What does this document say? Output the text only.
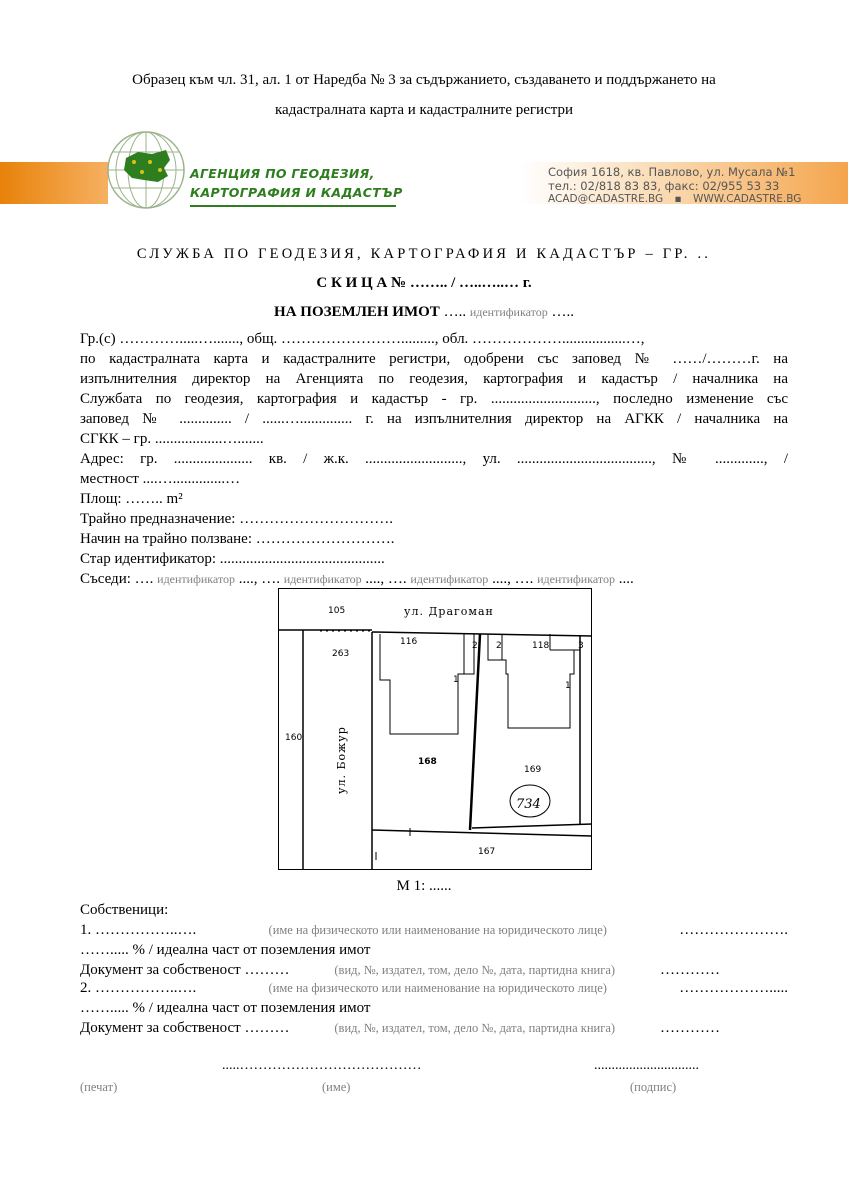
Образец към чл. 31, ал. 1 от Наредба № 3 за съдържанието, създаването и поддържането на
кадастралната карта и кадастралните регистри
АГЕНЦИЯ ПО ГЕОДЕЗИЯ,
КАРТОГРАФИЯ И КАДАСТЪР
София 1618, кв. Павлово, ул. Мусала №1
тел.: 02/818 83 83, факс: 02/955 53 33
ACAD@CADASTRE.BG ▪ WWW.CADASTRE.BG
СЛУЖБА ПО ГЕОДЕЗИЯ, КАРТОГРАФИЯ И КАДАСТЪР – ГР. ..
С К И Ц А № …….. / …..…..… г.
НА ПОЗЕМЛЕН ИМОТ ….. идентификатор …..
Гр.(с) ………….....…......., общ. ……………………........., обл. ……………….................…,
по кадастралната карта и кадастралните регистри, одобрени със заповед № ……/………г. на
изпълнителния директор на Агенцията по геодезия, картография и кадастър / началника на
Службата по геодезия, картография и кадастър - гр. ............................, последно изменение със
заповед № .............. / ......….............. г. на изпълнителния директор на АГКК / началника на
СГКК – гр. ..................….......
Адрес: гр. ..................... кв. / ж.к. .........................., ул. ...................................., № ............., /
местност ....…..............…
Площ: …….. m²
Трайно предназначение: ………………………….
Начин на трайно ползване: ……………………….
Стар идентификатор: ............................................
Съседи: …. идентификатор ...., …. идентификатор ...., …. идентификатор ...., …. идентификатор ....
105	ул. Драгоман
263
116	2 2	118	3
1
1
160	ул. Божур	168
169
734
167
М 1: ......
Собственици:
1. ……………..….	(име на физическото или наименование на юридическото лице)	………………….
……..... % / идеална част от поземления имот
Документ за собственост ………	(вид, №, издател, том, дело №, дата, партидна книга)	…………
2. ……………..….	(име на физическото или наименование на юридическото лице)	……………….....
……..... % / идеална част от поземления имот
Документ за собственост ………	(вид, №, издател, том, дело №, дата, партидна книга)	…………
.....…………………………………	..............................
(печат)	(име)	(подпис)
